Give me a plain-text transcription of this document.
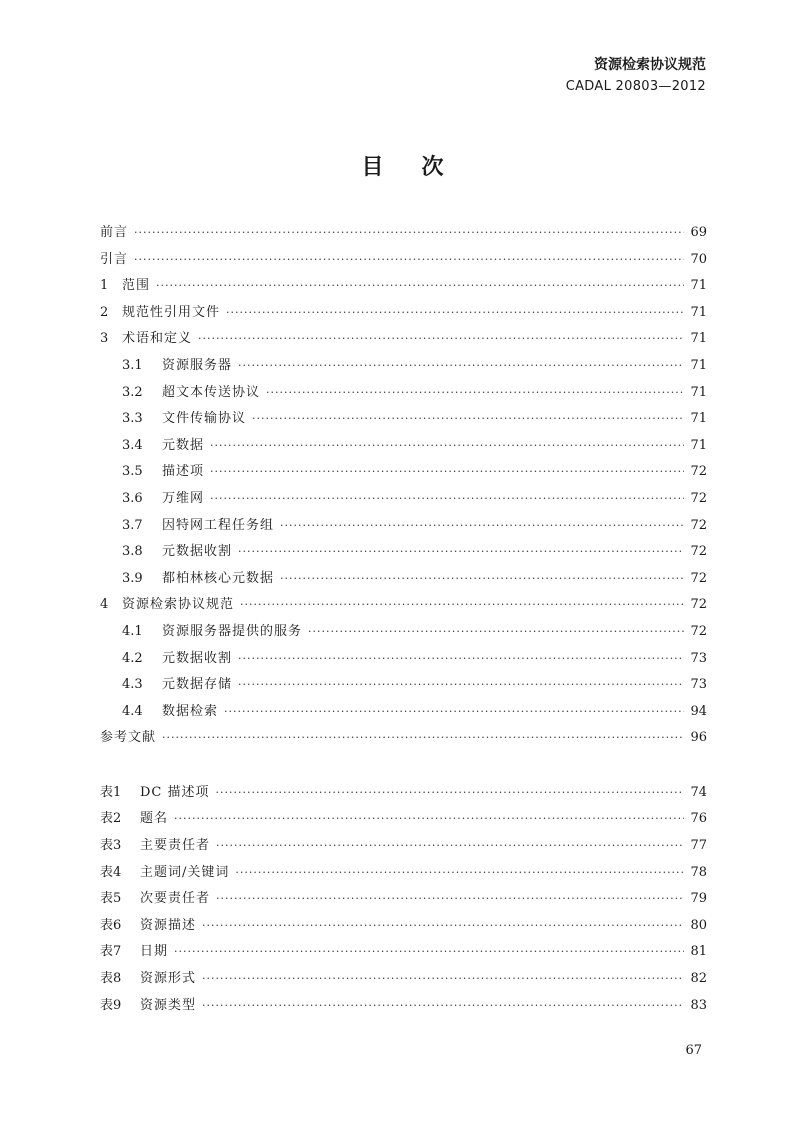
资源检索协议规范
CADAL 20803—2012
目次
前言 ·····	69
引言 ·····	70
1	范围 ·····	71
2	规范性引用文件 ·····	71
3	术语和定义 ·····	71
3.1	资源服务器 ·····	71
3.2	超文本传送协议 ·····	71
3.3	文件传输协议 ·····	71
3.4	元数据 ·····	71
3.5	描述项 ·····	72
3.6	万维网 ·····	72
3.7	因特网工程任务组 ·····	72
3.8	元数据收割 ·····	72
3.9	都柏林核心元数据 ·····	72
4	资源检索协议规范 ·····	72
4.1	资源服务器提供的服务 ·····	72
4.2	元数据收割 ·····	73
4.3	元数据存储 ·····	73
4.4	数据检索 ·····	94
参考文献 ·····	96
表1	DC 描述项 ·····	74
表2	题名 ·····	76
表3	主要责任者 ·····	77
表4	主题词/关键词 ·····	78
表5	次要责任者 ·····	79
表6	资源描述 ·····	80
表7	日期 ·····	81
表8	资源形式 ·····	82
表9	资源类型 ·····	83
67
